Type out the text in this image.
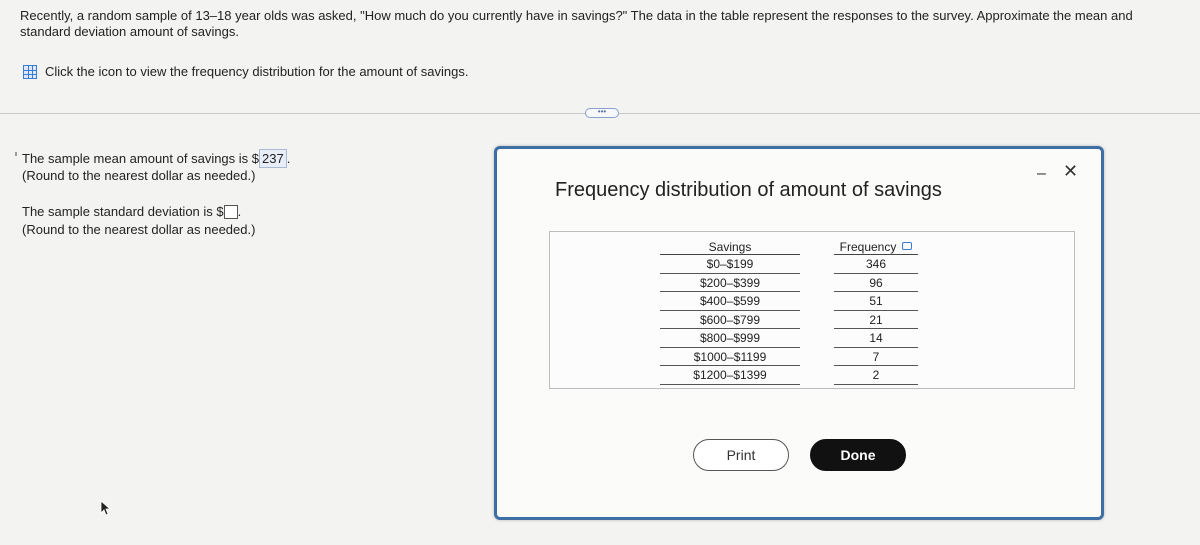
Recently, a random sample of 13–18 year olds was asked, "How much do you currently have in savings?" The data in the table represent the responses to the survey. Approximate the mean and standard deviation amount of savings.
Click the icon to view the frequency distribution for the amount of savings.
•••
The sample mean amount of savings is $ 237 .
(Round to the nearest dollar as needed.)
The sample standard deviation is $ .
(Round to the nearest dollar as needed.)
Frequency distribution of amount of savings
– ✕
Savings
$0–$199
$200–$399
$400–$599
$600–$799
$800–$999
$1000–$1199
$1200–$1399
Frequency
346
96
51
21
14
7
2
Print	Done
